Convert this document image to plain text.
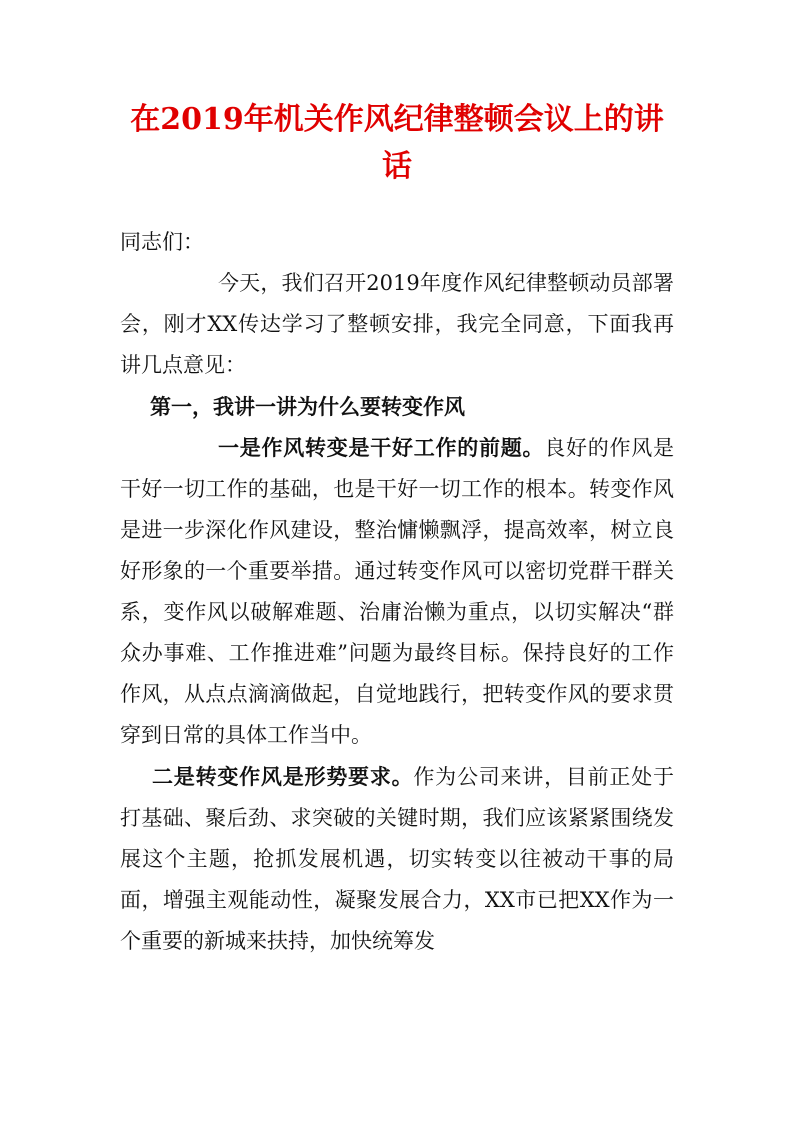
在2019年机关作风纪律整顿会议上的讲话

同志们：

今天，我们召开2019年度作风纪律整顿动员部署会，刚才XX传达学习了整顿安排，我完全同意，下面我再讲几点意见：

第一，我讲一讲为什么要转变作风

一是作风转变是干好工作的前题。良好的作风是干好一切工作的基础，也是干好一切工作的根本。转变作风是进一步深化作风建设，整治慵懒飘浮，提高效率，树立良好形象的一个重要举措。通过转变作风可以密切党群干群关系，变作风以破解难题、治庸治懒为重点，以切实解决“群众办事难、工作推进难”问题为最终目标。保持良好的工作作风，从点点滴滴做起，自觉地践行，把转变作风的要求贯穿到日常的具体工作当中。

二是转变作风是形势要求。作为公司来讲，目前正处于打基础、聚后劲、求突破的关键时期，我们应该紧紧围绕发展这个主题，抢抓发展机遇，切实转变以往被动干事的局面，增强主观能动性，凝聚发展合力，XX市已把XX作为一个重要的新城来扶持，加快统筹发
